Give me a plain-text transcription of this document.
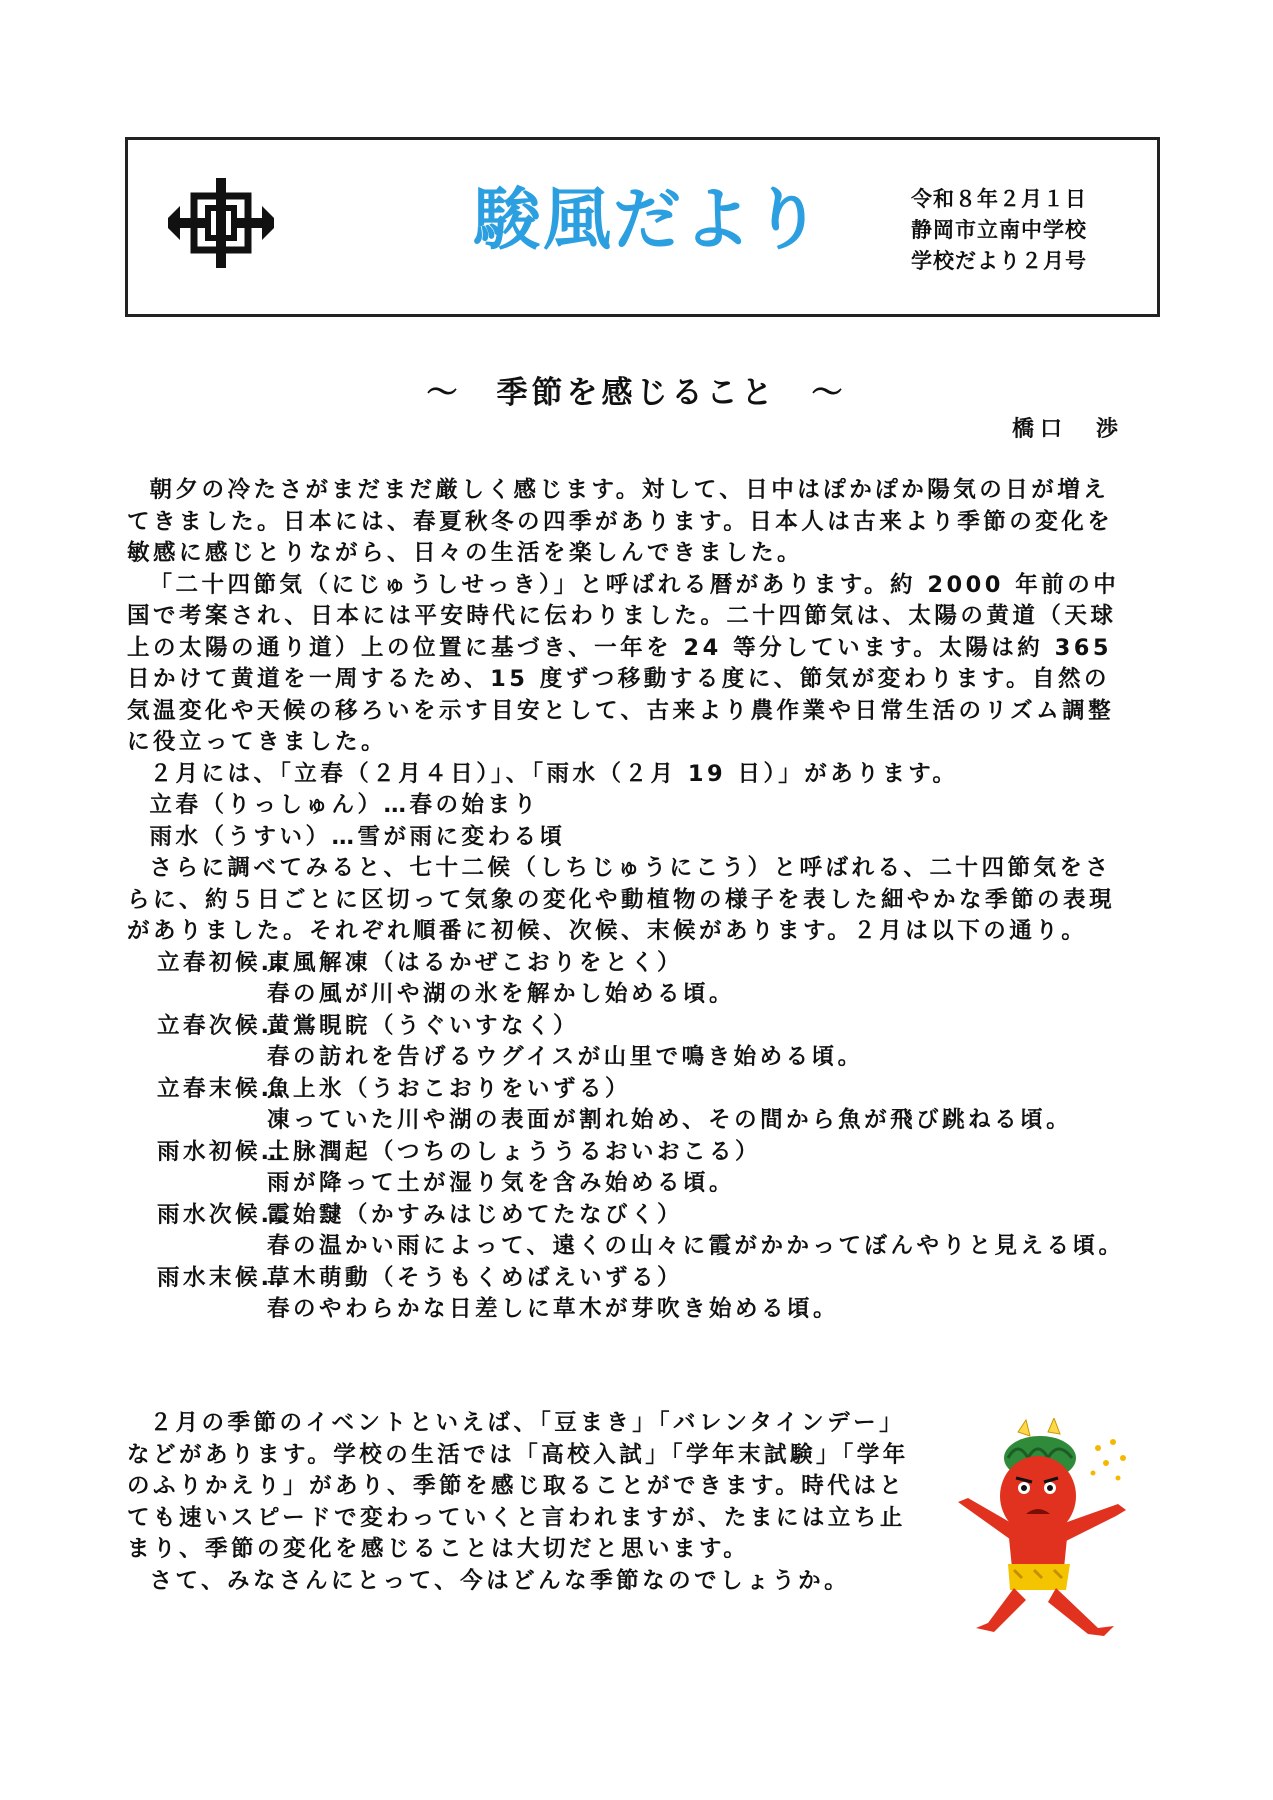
駿風だより	令和８年２月１日
静岡市立南中学校
学校だより２月号
～　季節を感じること　～
橋口　渉

朝夕の冷たさがまだまだ厳しく感じます。対して、日中はぽかぽか陽気の日が増えてきました。日本には、春夏秋冬の四季があります。日本人は古来より季節の変化を敏感に感じとりながら、日々の生活を楽しんできました。

「二十四節気（にじゅうしせっき）」と呼ばれる暦があります。約 2000 年前の中国で考案され、日本には平安時代に伝わりました。二十四節気は、太陽の黄道（天球上の太陽の通り道）上の位置に基づき、一年を 24 等分しています。太陽は約 365 日かけて黄道を一周するため、15 度ずつ移動する度に、節気が変わります。自然の気温変化や天候の移ろいを示す目安として、古来より農作業や日常生活のリズム調整に役立ってきました。

２月には、「立春（２月４日）」、「雨水（２月 19 日）」があります。

立春（りっしゅん）…春の始まり
雨水（うすい）…雪が雨に変わる頃

さらに調べてみると、七十二候（しちじゅうにこう）と呼ばれる、二十四節気をさらに、約５日ごとに区切って気象の変化や動植物の様子を表した細やかな季節の表現がありました。それぞれ順番に初候、次候、末候があります。２月は以下の通り。

立春初候…
東風解凍（はるかぜこおりをとく）
春の風が川や湖の氷を解かし始める頃。
立春次候…
黄鴬睍睆（うぐいすなく）
春の訪れを告げるウグイスが山里で鳴き始める頃。
立春末候…
魚上氷（うおこおりをいずる）
凍っていた川や湖の表面が割れ始め、その間から魚が飛び跳ねる頃。
雨水初候…
土脉潤起（つちのしょううるおいおこる）
雨が降って土が湿り気を含み始める頃。
雨水次候…
霞始靆（かすみはじめてたなびく）
春の温かい雨によって、遠くの山々に霞がかかってぼんやりと見える頃。
雨水末候…
草木萌動（そうもくめばえいずる）
春のやわらかな日差しに草木が芽吹き始める頃。

２月の季節のイベントといえば、「豆まき」「バレンタインデー」などがあります。学校の生活では「高校入試」「学年末試験」「学年のふりかえり」があり、季節を感じ取ることができます。時代はとても速いスピードで変わっていくと言われますが、たまには立ち止まり、季節の変化を感じることは大切だと思います。

さて、みなさんにとって、今はどんな季節なのでしょうか。
